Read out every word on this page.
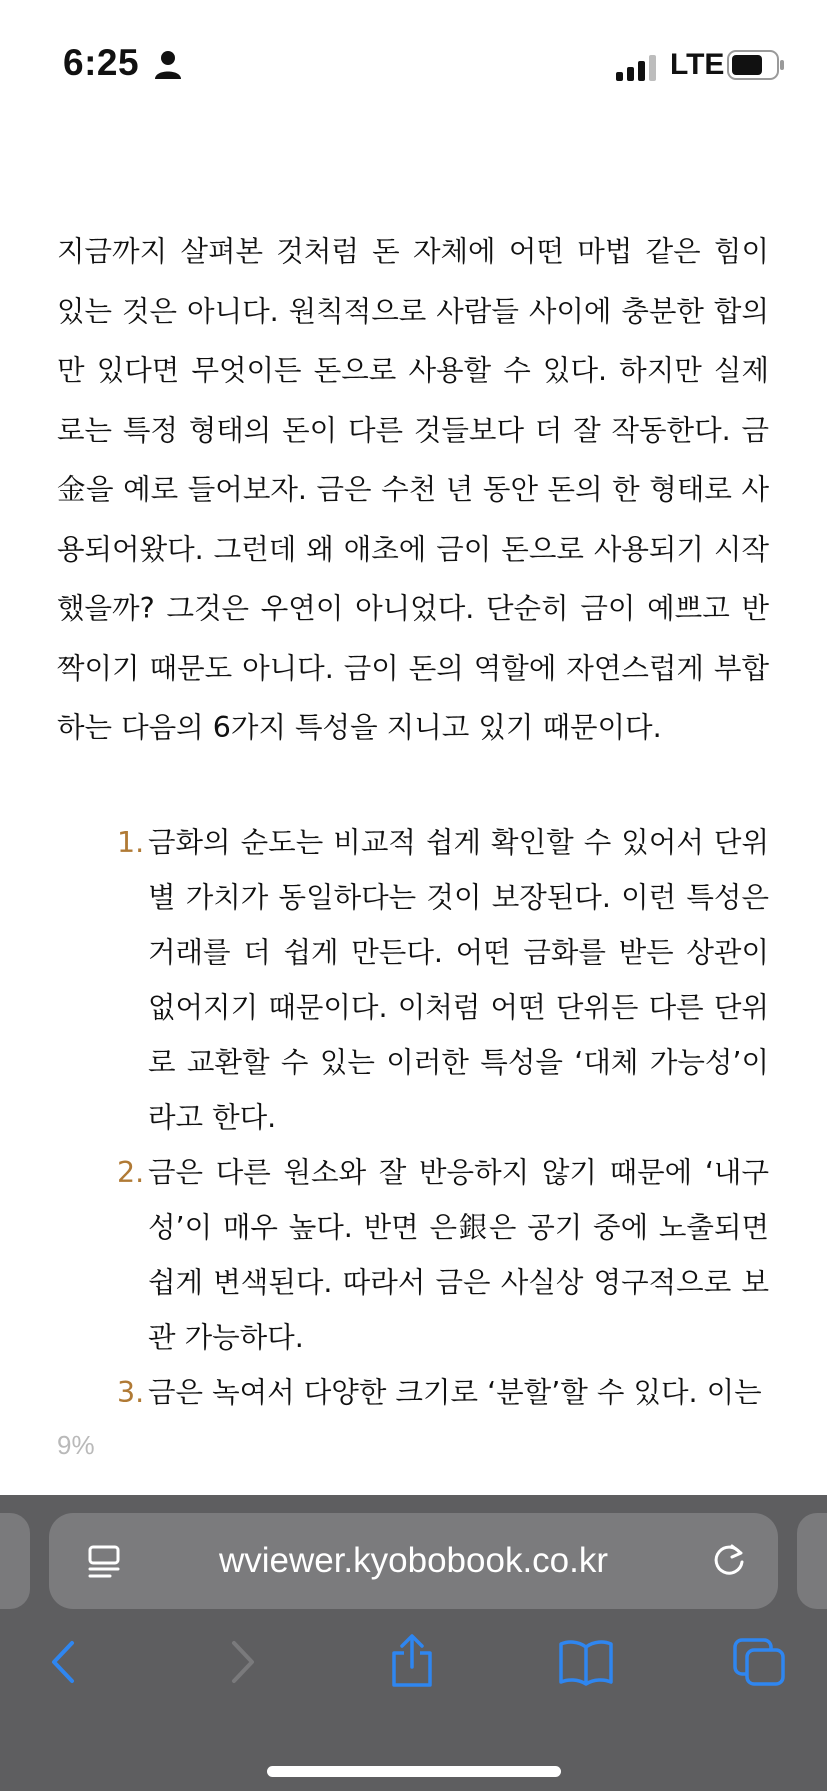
6:25	LTE

지금까지 살펴본 것처럼 돈 자체에 어떤 마법 같은 힘이 있는 것은 아니다. 원칙적으로 사람들 사이에 충분한 합의만 있다면 무엇이든 돈으로 사용할 수 있다. 하지만 실제로는 특정 형태의 돈이 다른 것들보다 더 잘 작동한다. 금金을 예로 들어보자. 금은 수천 년 동안 돈의 한 형태로 사용되어왔다. 그런데 왜 애초에 금이 돈으로 사용되기 시작했을까? 그것은 우연이 아니었다. 단순히 금이 예쁘고 반짝이기 때문도 아니다. 금이 돈의 역할에 자연스럽게 부합하는 다음의 6가지 특성을 지니고 있기 때문이다.

1. 금화의 순도는 비교적 쉽게 확인할 수 있어서 단위별 가치가 동일하다는 것이 보장된다. 이런 특성은 거래를 더 쉽게 만든다. 어떤 금화를 받든 상관이 없어지기 때문이다. 이처럼 어떤 단위든 다른 단위로 교환할 수 있는 이러한 특성을 ‘대체 가능성’이라고 한다.
2. 금은 다른 원소와 잘 반응하지 않기 때문에 ‘내구성’이 매우 높다. 반면 은銀은 공기 중에 노출되면 쉽게 변색된다. 따라서 금은 사실상 영구적으로 보관 가능하다.
3. 금은 녹여서 다양한 크기로 ‘분할’할 수 있다. 이는
9%
wviewer.kyobobook.co.kr
